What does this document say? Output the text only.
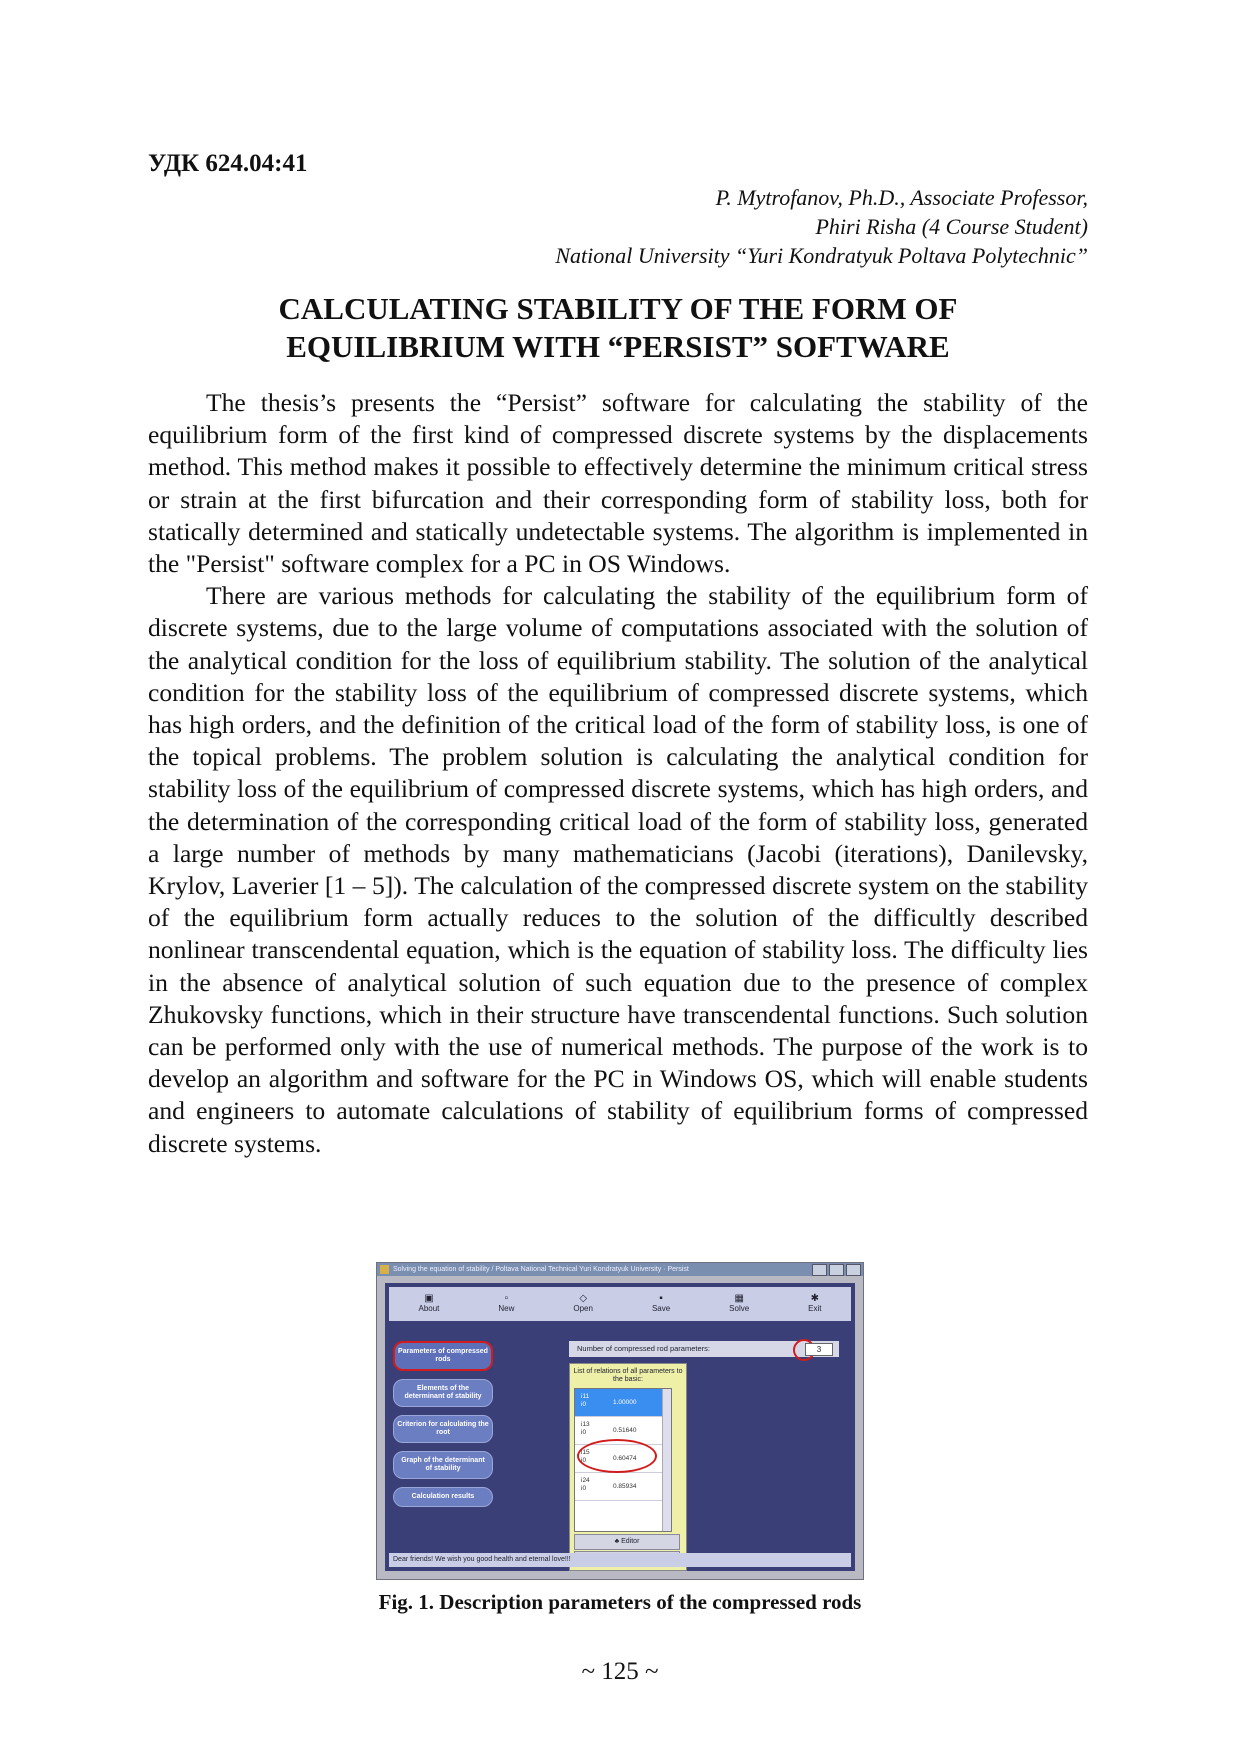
УДК 624.04:41
P. Mytrofanov, Ph.D., Associate Professor,
Phiri Risha (4 Course Student)
National University “Yuri Kondratyuk Poltava Polytechnic”
CALCULATING STABILITY OF THE FORM OF
EQUILIBRIUM WITH “PERSIST” SOFTWARE

The thesis’s presents the “Persist” software for calculating the stability of the equilibrium form of the first kind of compressed discrete systems by the displacements method. This method makes it possible to effectively determine the minimum critical stress or strain at the first bifurcation and their corresponding form of stability loss, both for statically determined and statically undetectable systems. The algorithm is implemented in the "Persist" software complex for a PC in OS Windows.

There are various methods for calculating the stability of the equilibrium form of discrete systems, due to the large volume of computations associated with the solution of the analytical condition for the loss of equilibrium stability. The solution of the analytical condition for the stability loss of the equilibrium of compressed discrete systems, which has high orders, and the definition of the critical load of the form of stability loss, is one of the topical problems. The problem solution is calculating the analytical condition for stability loss of the equilibrium of compressed discrete systems, which has high orders, and the determination of the corresponding critical load of the form of stability loss, generated a large number of methods by many mathematicians (Jacobi (iterations), Danilevsky, Krylov, Laverier [1 – 5]). The calculation of the compressed discrete system on the stability of the equilibrium form actually reduces to the solution of the difficultly described nonlinear transcendental equation, which is the equation of stability loss. The difficulty lies in the absence of analytical solution of such equation due to the presence of complex Zhukovsky functions, which in their structure have transcendental functions. Such solution can be performed only with the use of numerical methods. The purpose of the work is to develop an algorithm and software for the PC in Windows OS, which will enable students and engineers to automate calculations of stability of equilibrium forms of compressed discrete systems.

Solving the equation of stability / Poltava National Technical Yuri Kondratyuk University · Persist
▣
About
▫
New
◇
Open
▪
Save
▦
Solve
✱
Exit
Parameters of compressed rods
Elements of the determinant of stability
Criterion for calculating the root
Graph of the determinant of stability
Calculation results
Number of compressed rod parameters:	3
List of relations of all parameters to the basic:
i11
i0	1.00000
i13
i0	0.51640
i15
i0	0.60474
i24
i0	0.85934
♣ Editor
Dear friends! We wish you good health and eternal love!!!
Fig. 1. Description parameters of the compressed rods
~ 125 ~
